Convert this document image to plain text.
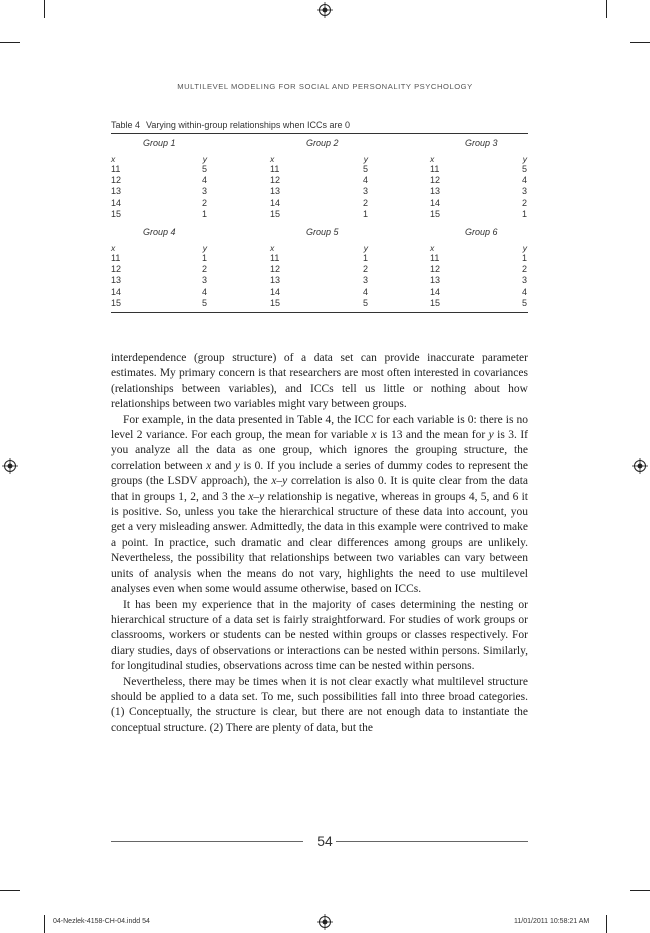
MULTILEVEL MODELING FOR SOCIAL AND PERSONALITY PSYCHOLOGY
Table 4 Varying within-group relationships when ICCs are 0
Group 1
x	y
11	5
12	4
13	3
14	2
15	1
Group 2
x	y
11	5
12	4
13	3
14	2
15	1
Group 3
x	y
11	5
12	4
13	3
14	2
15	1
Group 4
x	y
11	1
12	2
13	3
14	4
15	5
Group 5
x	y
11	1
12	2
13	3
14	4
15	5
Group 6
x	y
11	1
12	2
13	3
14	4
15	5

interdependence (group structure) of a data set can provide inaccurate parameter estimates. My primary concern is that researchers are most often interested in covariances (relationships between variables), and ICCs tell us little or nothing about how relationships between two variables might vary between groups.

For example, in the data presented in Table 4, the ICC for each variable is 0: there is no level 2 variance. For each group, the mean for variable x is 13 and the mean for y is 3. If you analyze all the data as one group, which ignores the grouping structure, the correlation between x and y is 0. If you include a series of dummy codes to represent the groups (the LSDV approach), the x–y correlation is also 0. It is quite clear from the data that in groups 1, 2, and 3 the x–y relationship is negative, whereas in groups 4, 5, and 6 it is positive. So, unless you take the hierarchical structure of these data into account, you get a very misleading answer. Admittedly, the data in this example were contrived to make a point. In practice, such dramatic and clear differences among groups are unlikely. Nevertheless, the possibility that relationships between two variables can vary between units of analysis when the means do not vary, highlights the need to use multilevel analyses even when some would assume otherwise, based on ICCs.

It has been my experience that in the majority of cases determining the nesting or hierarchical structure of a data set is fairly straightforward. For studies of work groups or classrooms, workers or students can be nested within groups or classes respectively. For diary studies, days of observations or interactions can be nested within persons. Similarly, for longitudinal studies, observations across time can be nested within persons.

Nevertheless, there may be times when it is not clear exactly what multilevel structure should be applied to a data set. To me, such possibilities fall into three broad categories. (1) Conceptually, the structure is clear, but there are not enough data to instantiate the conceptual structure. (2) There are plenty of data, but the

54
04-Nezlek-4158-CH-04.indd 54	11/01/2011 10:58:21 AM
